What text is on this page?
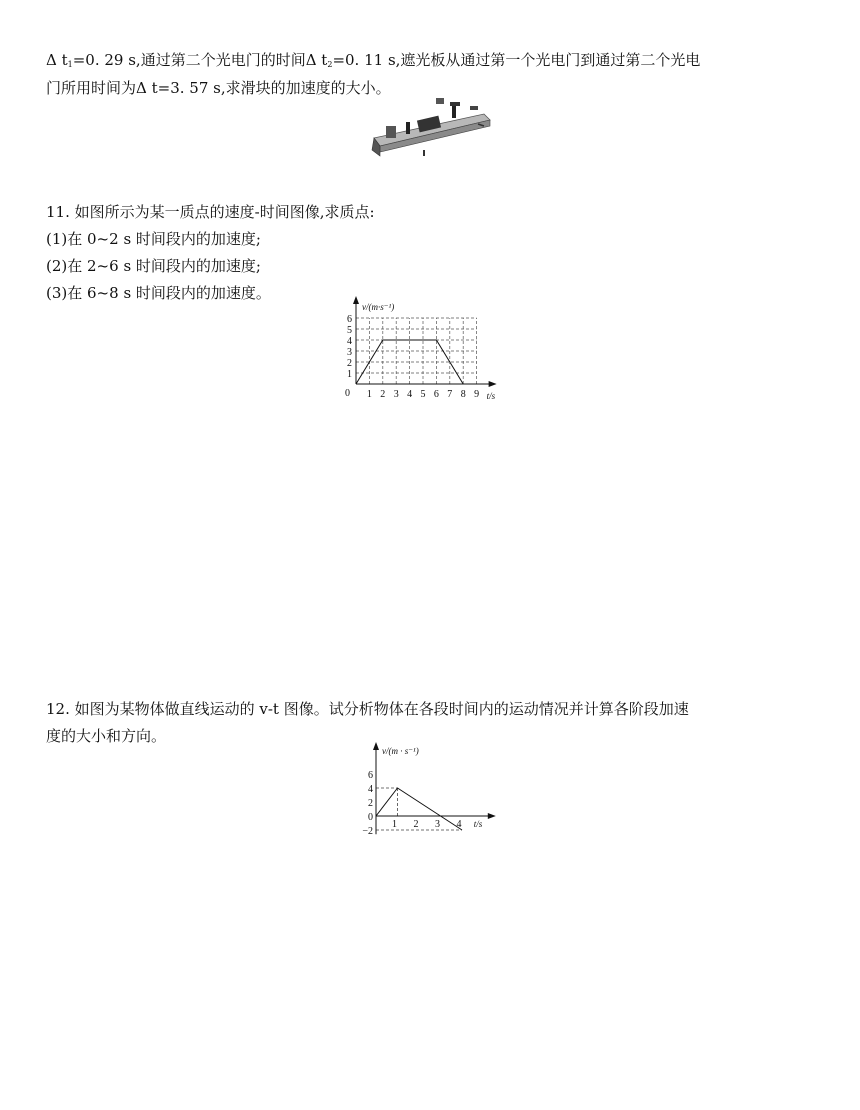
Δ $t_1=0$. 29 s,通过第二个光电门的时间Δ $t_2=0$. 11 s,遮光板从通过第一个光电门到通过第二个光电
门所用时间为Δ t=3. 57 s,求滑块的加速度的大小。
11. 如图所示为某一质点的速度-时间图像,求质点:
(1)在 0~2 s 时间段内的加速度;
(2)在 2~6 s 时间段内的加速度;
(3)在 6~8 s 时间段内的加速度。
1 2 3 4 5 6 7 8 9
1
2
3
4
5
6
0
v/(m·s⁻¹)
t/s
12. 如图为某物体做直线运动的 v-t 图像。试分析物体在各段时间内的运动情况并计算各阶段加速
度的大小和方向。
1 2 3 4
6
4
2
0
−2
v/(m · s⁻¹)
t/s
